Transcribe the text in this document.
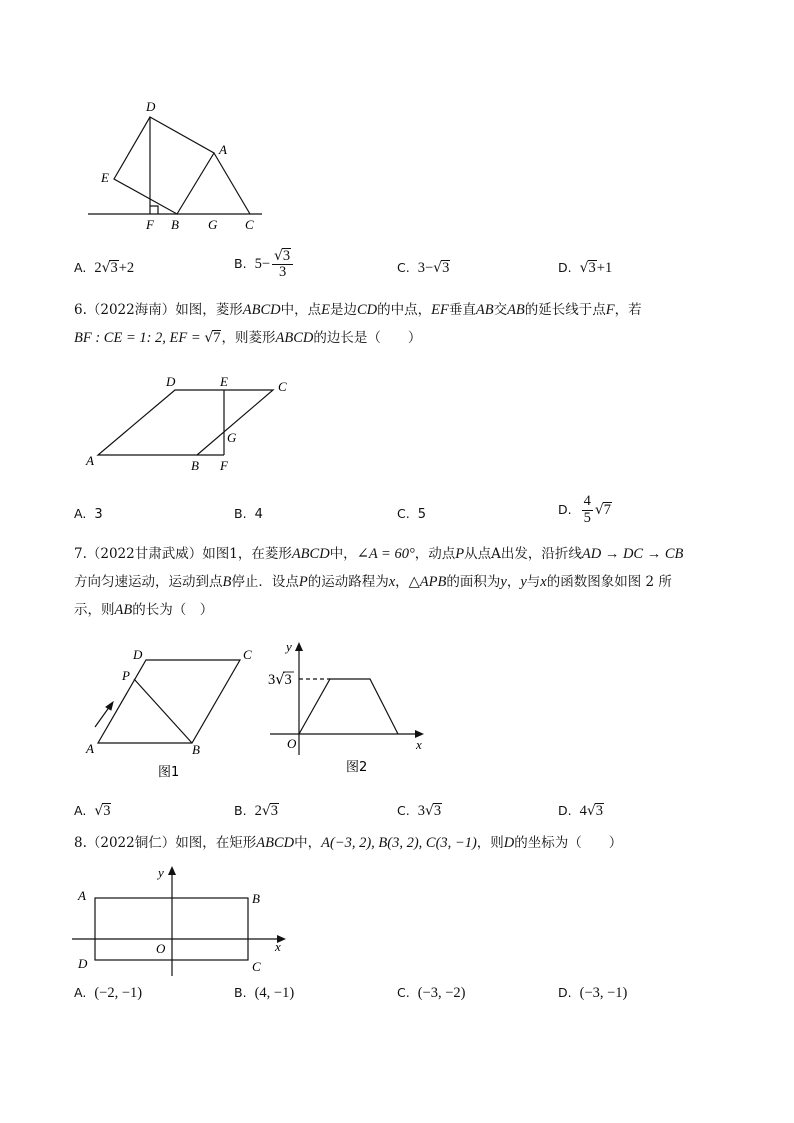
D
A
E
F B G C
A. 2√3+2	B. $5- \frac{√3}{3}$	C. 3−√3	D. √3+1
6.（2022海南）如图，菱形ABCD中，点E是边CD的中点，EF垂直AB交AB的延长线于点F，若
BF : CE = 1: 2, EF = √7，则菱形ABCD的边长是（　　）
D	E	C
G
A	B F
A. 3	B. 4	C. 5	D. $\frac{4}{5} √7$
7.（2022甘肃武威）如图1，在菱形ABCD中，∠A = 60°，动点P从点A出发，沿折线AD → DC → CB
方向匀速运动，运动到点B停止．设点P的运动路程为x，△APB的面积为y，y与x的函数图象如图 2 所
示，则AB的长为（　）
D	C
P
A	B
图1
y
x
O
3√3
图2
A. √3	B. 2√3	C. 3√3	D. 4√3
8.（2022铜仁）如图，在矩形ABCD中，A(−3, 2), B(3, 2), C(3, −1)，则D的坐标为（　　）
y
A	B
O	x
D	C
A. (−2, −1)	B. (4, −1)	C. (−3, −2)	D. (−3, −1)
